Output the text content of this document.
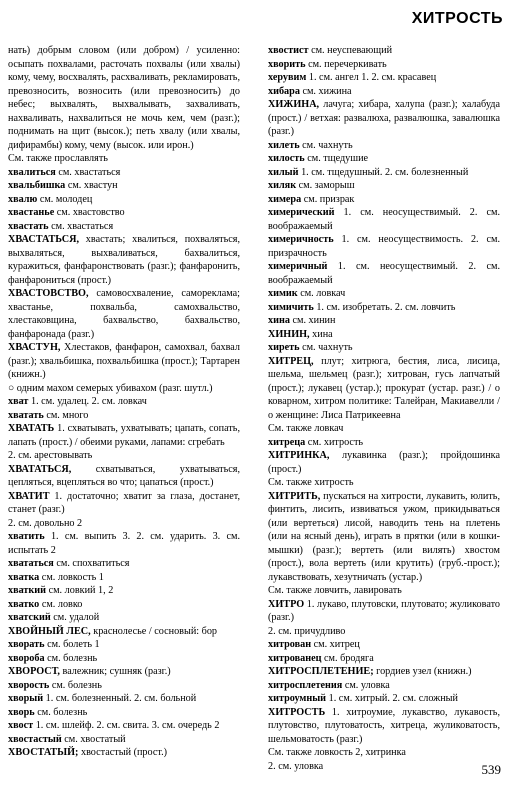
ХИТРОСТЬ

нать) добрым словом (или добром) / усиленно: осыпать похвалами, расточать похвалы (или хвалы) кому, чему, восхвалять, расхваливать, рекламировать, превозносить, возносить (или превозносить) до небес; выхвалять, выхвалывать, захваливать, нахваливать, нахвалиться не мочь кем, чем (разг.); поднимать на щит (высок.); петь хвалу (или хвалы, дифирамбы) кому, чему (высок. или ирон.)

См. также прославлять

хвалиться см. хвастаться

хвальбишка см. хвастун

хвалю см. молодец

хвастанье см. хвастовство

хвастать см. хвастаться

ХВАСТАТЬСЯ, хвастать; хвалиться, похваляться, выхваляться, выхваливаться, бахвалиться, куражиться, фанфаронствовать (разг.); фанфаронить, фанфарониться (прост.)

ХВАСТОВСТВО, самовосхваление, самореклама; хвастанье, похвальба, самохвальство, хлестаковщина, бахвальство, бахвальство, фанфаронада (разг.)

ХВАСТУН, Хлестаков, фанфарон, самохвал, бахвал (разг.); хвальбишка, похвальбишка (прост.); Тартарен (книжн.)

○ одним махом семерых убивахом (разг. шутл.)

хват 1. см. удалец. 2. см. ловкач

хватать см. много

ХВАТАТЬ 1. схватывать, ухватывать; цапать, сопать, лапать (прост.) / обеими руками, лапами: сгребать

2. см. арестовывать

ХВАТАТЬСЯ, схватываться, ухватываться, цепляться, вцепляться во что; цапаться (прост.)

ХВАТИТ 1. достаточно; хватит за глаза, достанет, станет (разг.)

2. см. довольно 2

хватить 1. см. выпить 3. 2. см. ударить. 3. см. испытать 2

хвататься см. спохватиться

хватка см. ловкость 1

хваткий см. ловкий 1, 2

хватко см. ловко

хватский см. удалой

ХВОЙНЫЙ ЛЕС, краснолесье / сосновый: бор

хворать см. болеть 1

хворобa см. болезнь

ХВОРОСТ, валежник; сушняк (разг.)

хворость см. болезнь

хворый 1. см. болезненный. 2. см. больной

хворь см. болезнь

хвост 1. см. шлейф. 2. см. свита. 3. см. очередь 2

хвостастый см. хвостатый

ХВОСТАТЫЙ; хвостастый (прост.)

хвостист см. неуспевающий

хворить см. перечеркивать

херувим 1. см. ангел 1. 2. см. красавец

хибара см. хижина

ХИЖИНА, лачуга; хибара, халупа (разг.); халабуда (прост.) / ветхая: развалюха, развалюшка, завалюшка (разг.)

хилеть см. чахнуть

хилость см. тщедушие

хилый 1. см. тщедушный. 2. см. болезненный

хиляк см. заморыш

химера см. призрак

химерический 1. см. неосуществимый. 2. см. воображаемый

химеричность 1. см. неосуществимость. 2. см. призрачность

химеричный 1. см. неосуществимый. 2. см. воображаемый

химик см. ловкач

химичить 1. см. изобретать. 2. см. ловчить

хина см. хинин

ХИНИН, хина

хиреть см. чахнуть

ХИТРЕЦ, плут; хитрюга, бестия, лиса, лисица, шельма, шельмец (разг.); хитрован, гусь лапчатый (прост.); лукавец (устар.); прокурат (устар. разг.) / о коварном, хитром политике: Талейран, Макиавелли / о женщине: Лиса Патрикеевна

См. также ловкач

хитреца см. хитрость

ХИТРИНКА, лукавинка (разг.); пройдошинка (прост.)

См. также хитрость

ХИТРИТЬ, пускаться на хитрости, лукавить, юлить, финтить, лисить, извиваться ужом, прикидываться (или вертеться) лисой, наводить тень на плетень (или на ясный день), играть в прятки (или в кошки-мышки) (разг.); вертеть (или вилять) хвостом (прост.), вола вертеть (или крутить) (груб.-прост.); лукавствовать, хезутничать (устар.)

См. также ловчить, лавировать

ХИТРО 1. лукаво, плутовски, плутовато; жуликовато (разг.)

2. см. причудливо

хитрован см. хитрец

хитрованец см. бродяга

ХИТРОСПЛЕТЕНИЕ; гордиев узел (книжн.)

хитросплетения см. уловка

хитроумный 1. см. хитрый. 2. см. сложный

ХИТРОСТЬ 1. хитроумие, лукавство, лукавость, плутовство, плутоватость, хитреца, жуликоватость, шельмоватость (разг.)

См. также ловкость 2, хитринка

2. см. уловка	539
